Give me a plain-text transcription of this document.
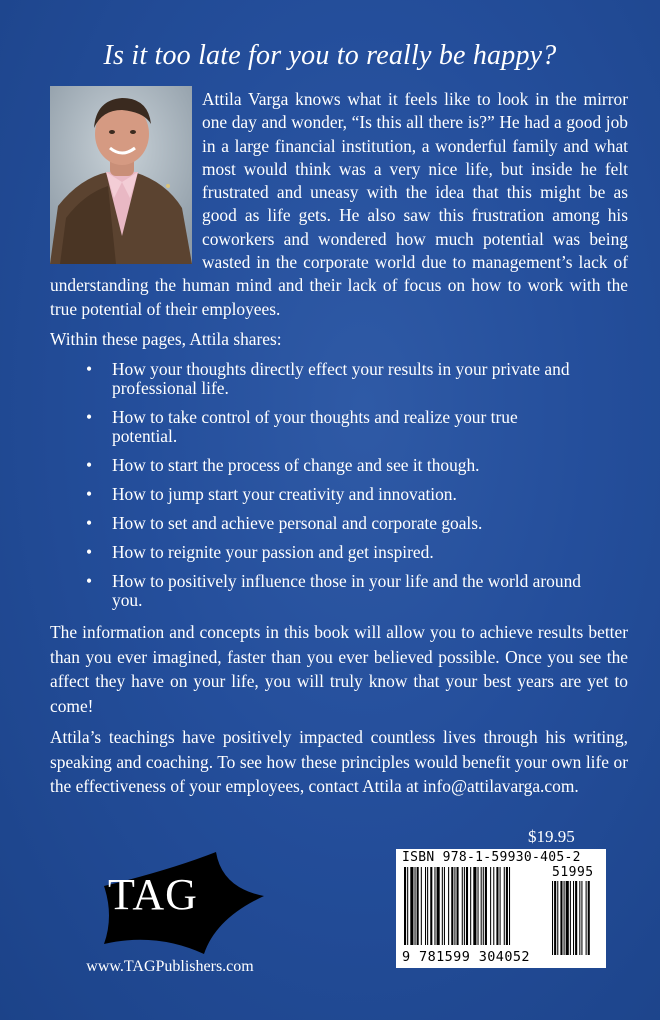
Is it too late for you to really be happy?

Attila Varga knows what it feels like to look in the mirror one day and wonder, “Is this all there is?” He had a good job in a large financial institution, a wonderful family and what most would think was a very nice life, but inside he felt frustrated and uneasy with the idea that this might be as good as life gets. He also saw this frustration among his coworkers and wondered how much potential was being wasted in the corporate world due to management’s lack of understanding the human mind and their lack of focus on how to work with the true potential of their employees.

Within these pages, Attila shares:

• How your thoughts directly effect your results in your private and professional life.
• How to take control of your thoughts and realize your true potential.
• How to start the process of change and see it though.
• How to jump start your creativity and innovation.
• How to set and achieve personal and corporate goals.
• How to reignite your passion and get inspired.
• How to positively influence those in your life and the world around you.

The information and concepts in this book will allow you to achieve results better than you ever imagined, faster than you ever believed possible. Once you see the affect they have on your life, you will truly know that your best years are yet to come!

Attila’s teachings have positively impacted countless lives through his writing, speaking and coaching. To see how these principles would benefit your own life or the effectiveness of your employees, contact Attila at info@attilavarga.com.

$19.95
ISBN 978-1-59930-405-2
51995
9 781599 304052
TAG
www.TAGPublishers.com
